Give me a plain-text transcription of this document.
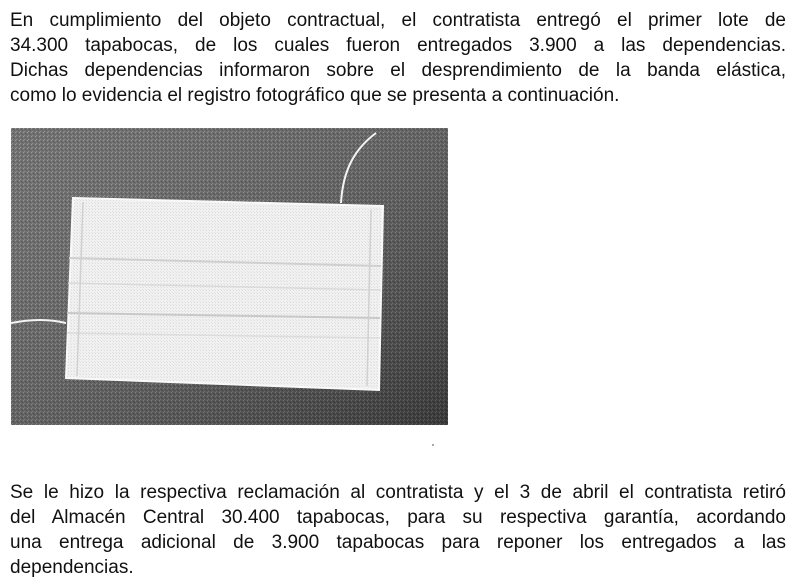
En cumplimiento del objeto contractual, el contratista entregó el primer lote de
34.300 tapabocas, de los cuales fueron entregados 3.900 a las dependencias.
Dichas dependencias informaron sobre el desprendimiento de la banda elástica,
como lo evidencia el registro fotográfico que se presenta a continuación.
Se le hizo la respectiva reclamación al contratista y el 3 de abril el contratista retiró
del Almacén Central 30.400 tapabocas, para su respectiva garantía, acordando
una entrega adicional de 3.900 tapabocas para reponer los entregados a las
dependencias.
